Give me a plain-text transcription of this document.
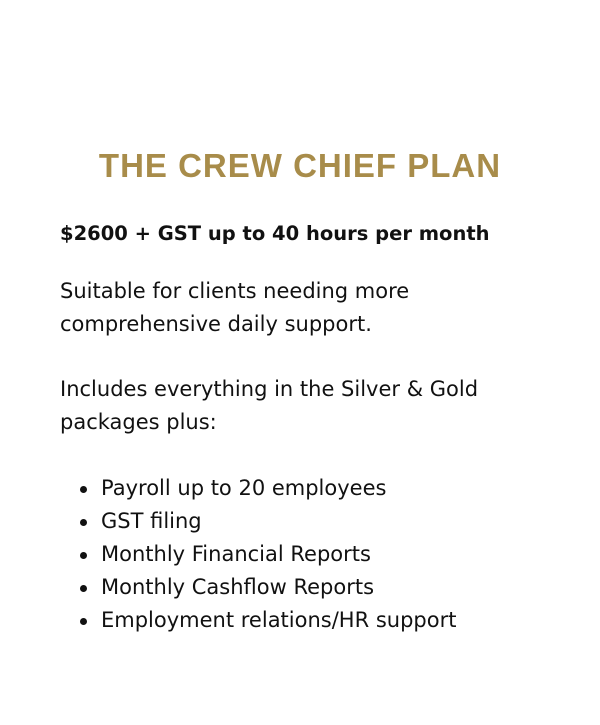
THE CREW CHIEF PLAN

$2600 + GST up to 40 hours per month

Suitable for clients needing more comprehensive daily support.

Includes everything in the Silver & Gold packages plus:

Payroll up to 20 employees
GST filing
Monthly Financial Reports
Monthly Cashflow Reports
Employment relations/HR support
